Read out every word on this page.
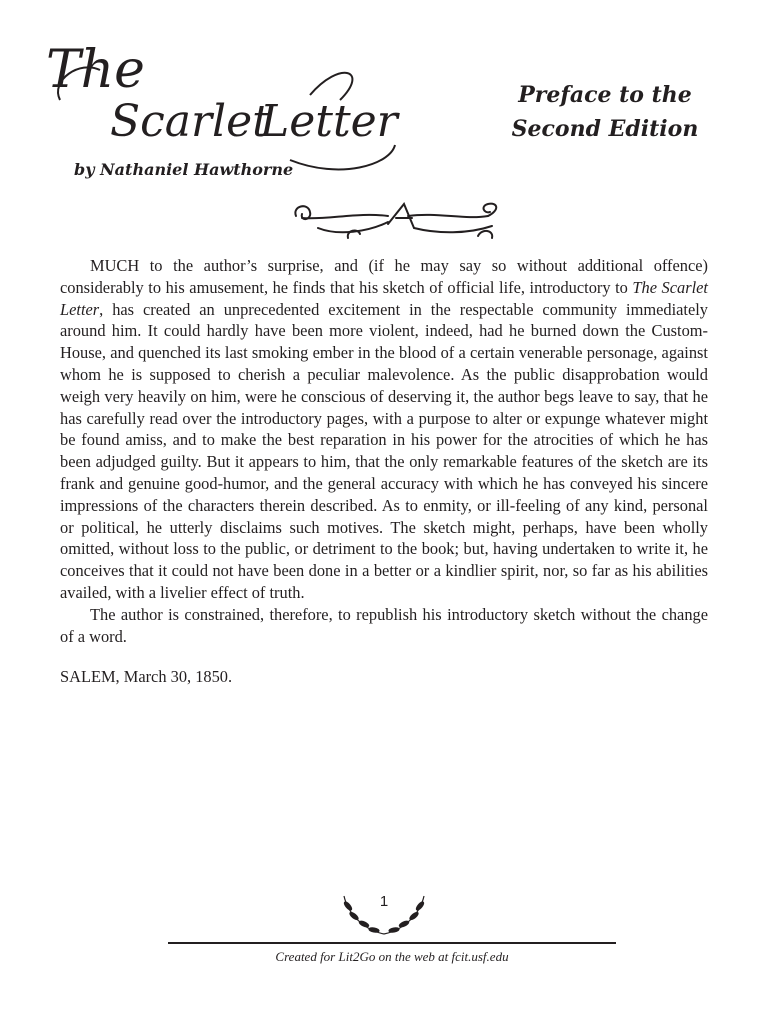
The
Scarlet
Letter
by Nathaniel Hawthorne
Preface to the
Second Edition

MUCH to the author’s surprise, and (if he may say so without additional offence) considerably to his amusement, he finds that his sketch of official life, introductory to The Scarlet Letter, has created an unprecedented excitement in the respectable community immediately around him. It could hardly have been more violent, indeed, had he burned down the Custom-House, and quenched its last smoking ember in the blood of a certain venerable personage, against whom he is supposed to cherish a peculiar malevolence. As the public disapprobation would weigh very heavily on him, were he conscious of deserving it, the author begs leave to say, that he has carefully read over the introductory pages, with a purpose to alter or expunge whatever might be found amiss, and to make the best reparation in his power for the atrocities of which he has been adjudged guilty. But it appears to him, that the only remarkable features of the sketch are its frank and genuine good-humor, and the general accuracy with which he has conveyed his sincere impressions of the characters therein described. As to enmity, or ill-feeling of any kind, personal or political, he utterly disclaims such motives. The sketch might, perhaps, have been wholly omitted, without loss to the public, or detriment to the book; but, having undertaken to write it, he conceives that it could not have been done in a better or a kindlier spirit, nor, so far as his abilities availed, with a livelier effect of truth.

The author is constrained, therefore, to republish his introductory sketch without the change of a word.

SALEM, March 30, 1850.
1
Created for Lit2Go on the web at fcit.usf.edu
